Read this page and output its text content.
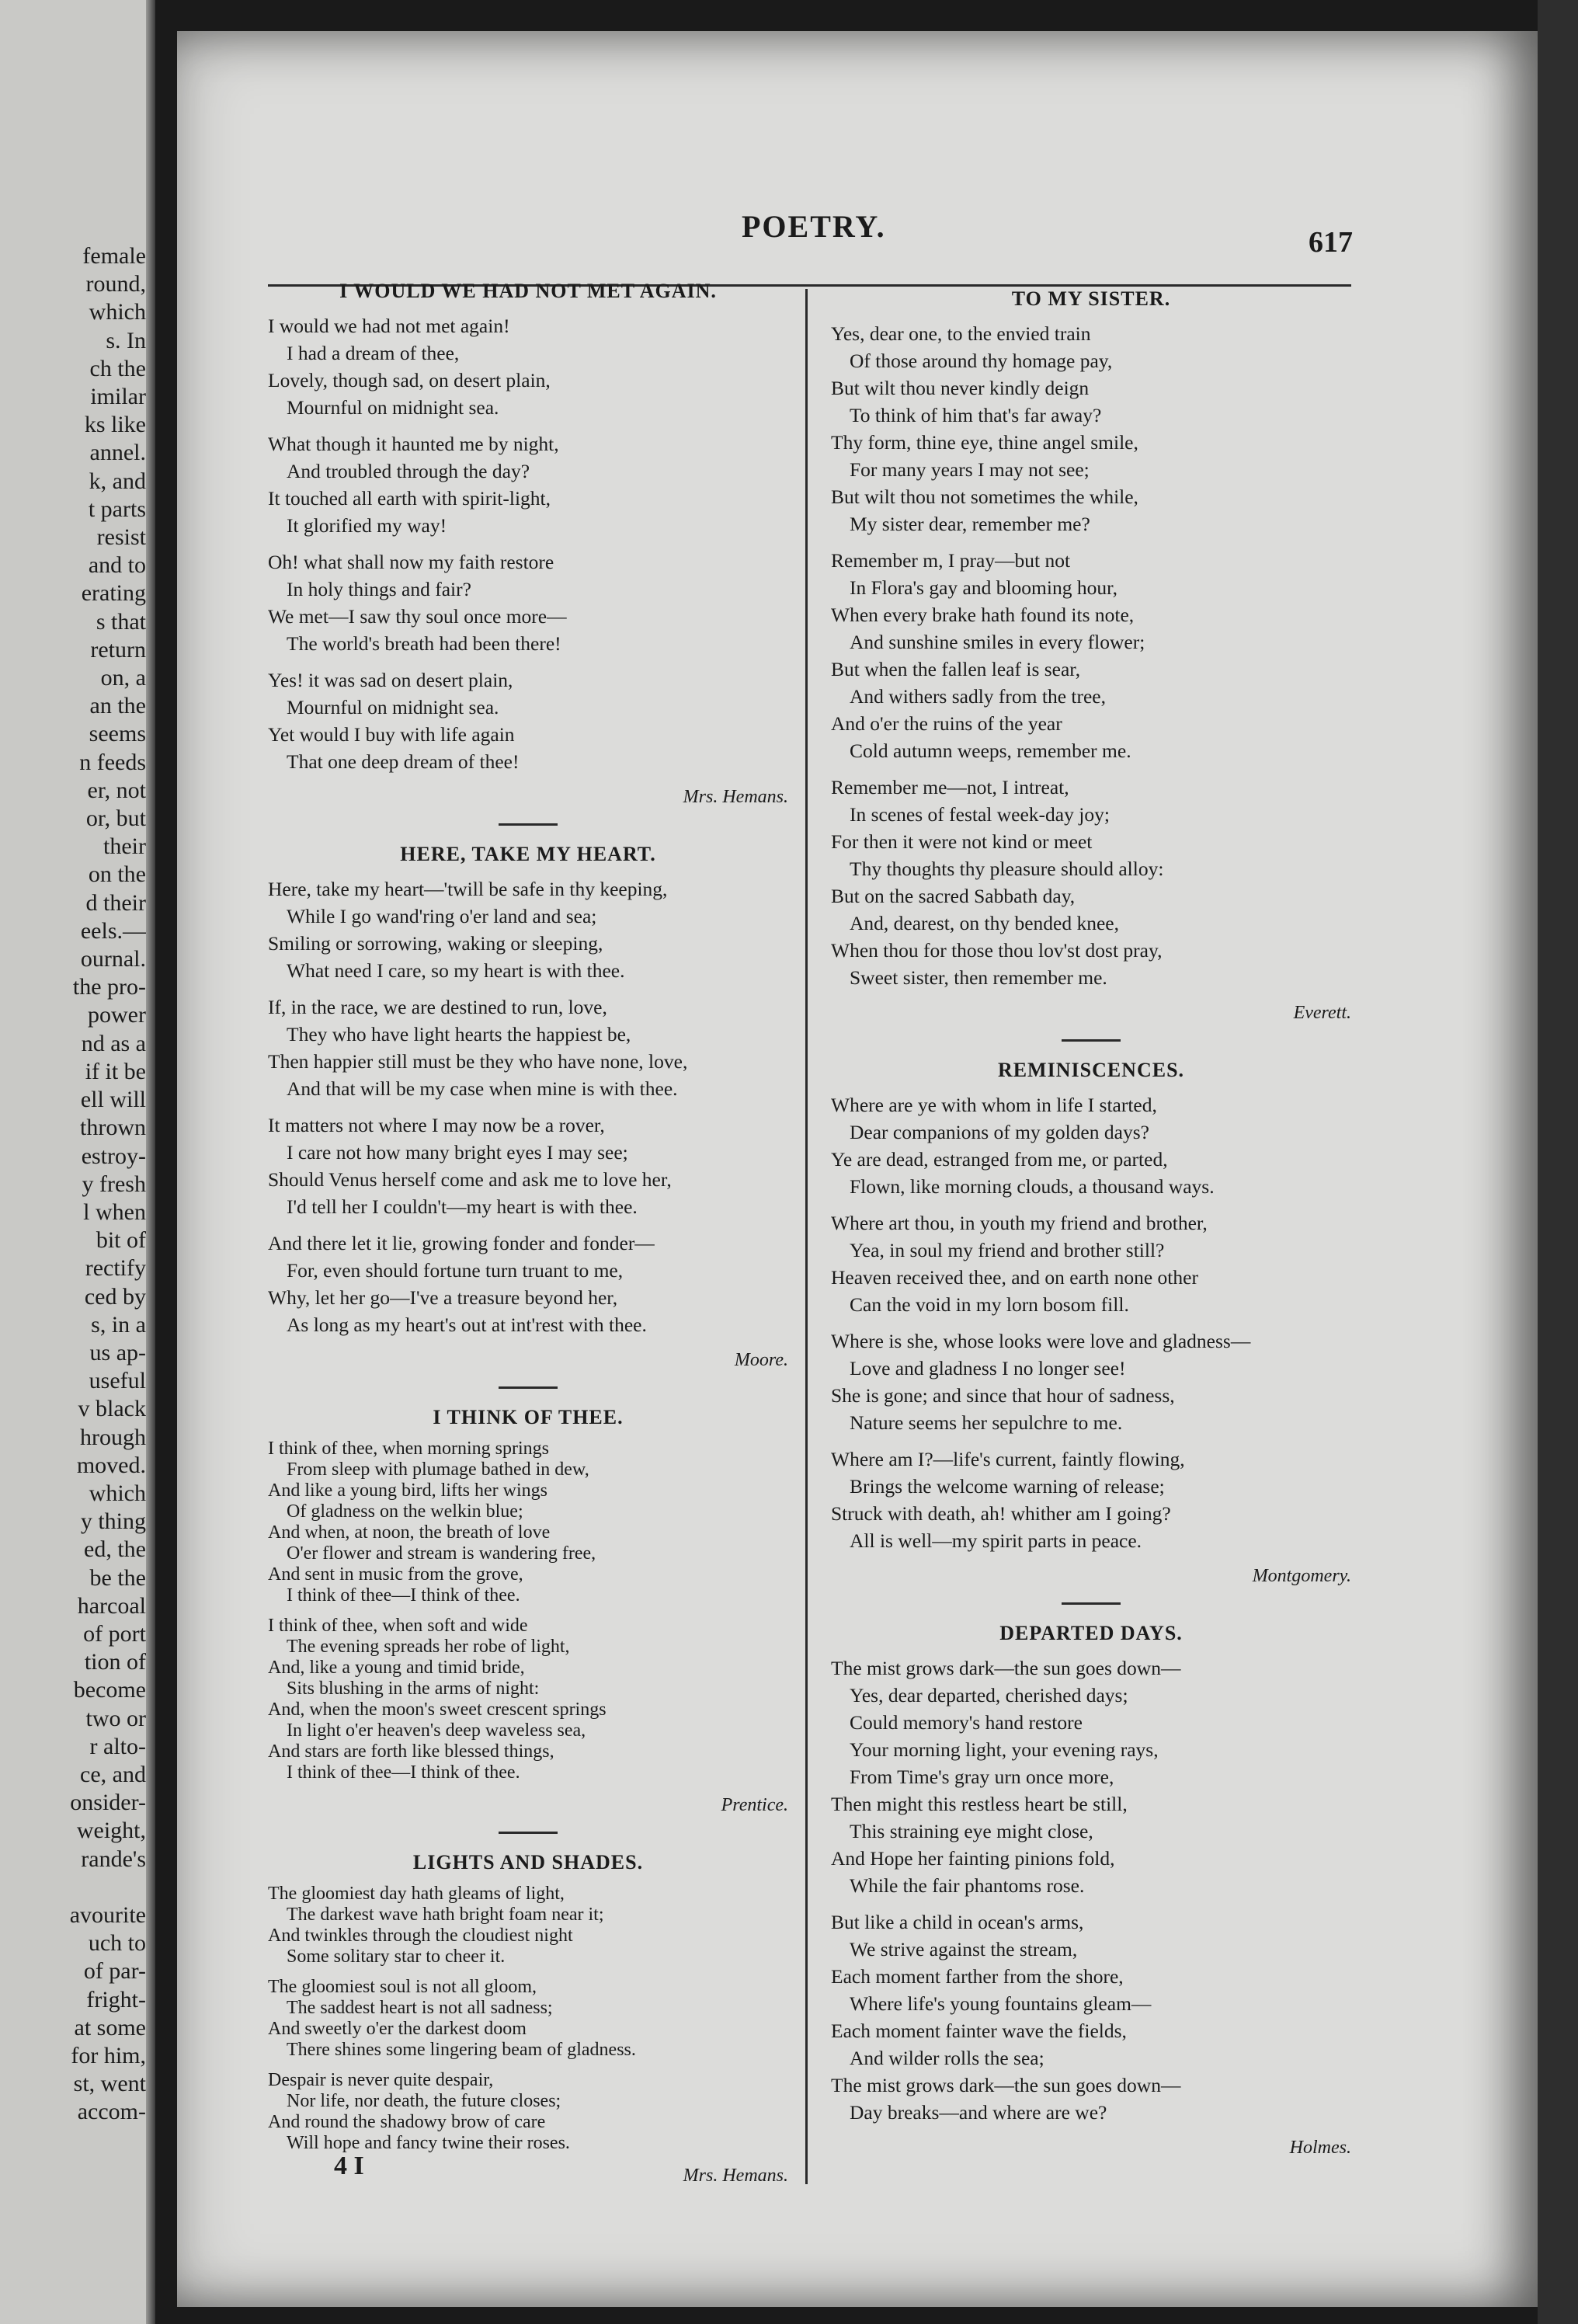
female
round,
which
s. In
ch the
imilar
ks like
annel.
k, and
t parts
resist
and to
erating
s that
return
on, a
an the
seems
n feeds
er, not
or, but
their
on the
d their
eels.—
ournal.
the pro-
power
nd as a
if it be
ell will
thrown
estroy-
y fresh
l when
bit of
rectify
ced by
s, in a
us ap-
useful
v black
hrough
moved.
which
y thing
ed, the
be the
harcoal
of port
tion of
become
two or
r alto-
ce, and
onsider-
weight,
rande's

avourite
uch to
of par-
fright-
at some
for him,
st, went
accom-
POETRY.	617
I WOULD WE HAD NOT MET AGAIN.
I would we had not met again!
I had a dream of thee,
Lovely, though sad, on desert plain,
Mournful on midnight sea.
What though it haunted me by night,
And troubled through the day?
It touched all earth with spirit-light,
It glorified my way!
Oh! what shall now my faith restore
In holy things and fair?
We met—I saw thy soul once more—
The world's breath had been there!
Yes! it was sad on desert plain,
Mournful on midnight sea.
Yet would I buy with life again
That one deep dream of thee!
Mrs. Hemans.
HERE, TAKE MY HEART.
Here, take my heart—'twill be safe in thy keeping,
While I go wand'ring o'er land and sea;
Smiling or sorrowing, waking or sleeping,
What need I care, so my heart is with thee.
If, in the race, we are destined to run, love,
They who have light hearts the happiest be,
Then happier still must be they who have none, love,
And that will be my case when mine is with thee.
It matters not where I may now be a rover,
I care not how many bright eyes I may see;
Should Venus herself come and ask me to love her,
I'd tell her I couldn't—my heart is with thee.
And there let it lie, growing fonder and fonder—
For, even should fortune turn truant to me,
Why, let her go—I've a treasure beyond her,
As long as my heart's out at int'rest with thee.
Moore.
I THINK OF THEE.
I think of thee, when morning springs
From sleep with plumage bathed in dew,
And like a young bird, lifts her wings
Of gladness on the welkin blue;
And when, at noon, the breath of love
O'er flower and stream is wandering free,
And sent in music from the grove,
I think of thee—I think of thee.
I think of thee, when soft and wide
The evening spreads her robe of light,
And, like a young and timid bride,
Sits blushing in the arms of night:
And, when the moon's sweet crescent springs
In light o'er heaven's deep waveless sea,
And stars are forth like blessed things,
I think of thee—I think of thee.
Prentice.
LIGHTS AND SHADES.
The gloomiest day hath gleams of light,
The darkest wave hath bright foam near it;
And twinkles through the cloudiest night
Some solitary star to cheer it.
The gloomiest soul is not all gloom,
The saddest heart is not all sadness;
And sweetly o'er the darkest doom
There shines some lingering beam of gladness.
Despair is never quite despair,
Nor life, nor death, the future closes;
And round the shadowy brow of care
Will hope and fancy twine their roses.
Mrs. Hemans.
TO MY SISTER.
Yes, dear one, to the envied train
Of those around thy homage pay,
But wilt thou never kindly deign
To think of him that's far away?
Thy form, thine eye, thine angel smile,
For many years I may not see;
But wilt thou not sometimes the while,
My sister dear, remember me?
Remember m, I pray—but not
In Flora's gay and blooming hour,
When every brake hath found its note,
And sunshine smiles in every flower;
But when the fallen leaf is sear,
And withers sadly from the tree,
And o'er the ruins of the year
Cold autumn weeps, remember me.
Remember me—not, I intreat,
In scenes of festal week-day joy;
For then it were not kind or meet
Thy thoughts thy pleasure should alloy:
But on the sacred Sabbath day,
And, dearest, on thy bended knee,
When thou for those thou lov'st dost pray,
Sweet sister, then remember me.
Everett.
REMINISCENCES.
Where are ye with whom in life I started,
Dear companions of my golden days?
Ye are dead, estranged from me, or parted,
Flown, like morning clouds, a thousand ways.
Where art thou, in youth my friend and brother,
Yea, in soul my friend and brother still?
Heaven received thee, and on earth none other
Can the void in my lorn bosom fill.
Where is she, whose looks were love and gladness—
Love and gladness I no longer see!
She is gone; and since that hour of sadness,
Nature seems her sepulchre to me.
Where am I?—life's current, faintly flowing,
Brings the welcome warning of release;
Struck with death, ah! whither am I going?
All is well—my spirit parts in peace.
Montgomery.
DEPARTED DAYS.
The mist grows dark—the sun goes down—
Yes, dear departed, cherished days;
Could memory's hand restore
Your morning light, your evening rays,
From Time's gray urn once more,
Then might this restless heart be still,
This straining eye might close,
And Hope her fainting pinions fold,
While the fair phantoms rose.
But like a child in ocean's arms,
We strive against the stream,
Each moment farther from the shore,
Where life's young fountains gleam—
Each moment fainter wave the fields,
And wilder rolls the sea;
The mist grows dark—the sun goes down—
Day breaks—and where are we?
Holmes.
4 I
